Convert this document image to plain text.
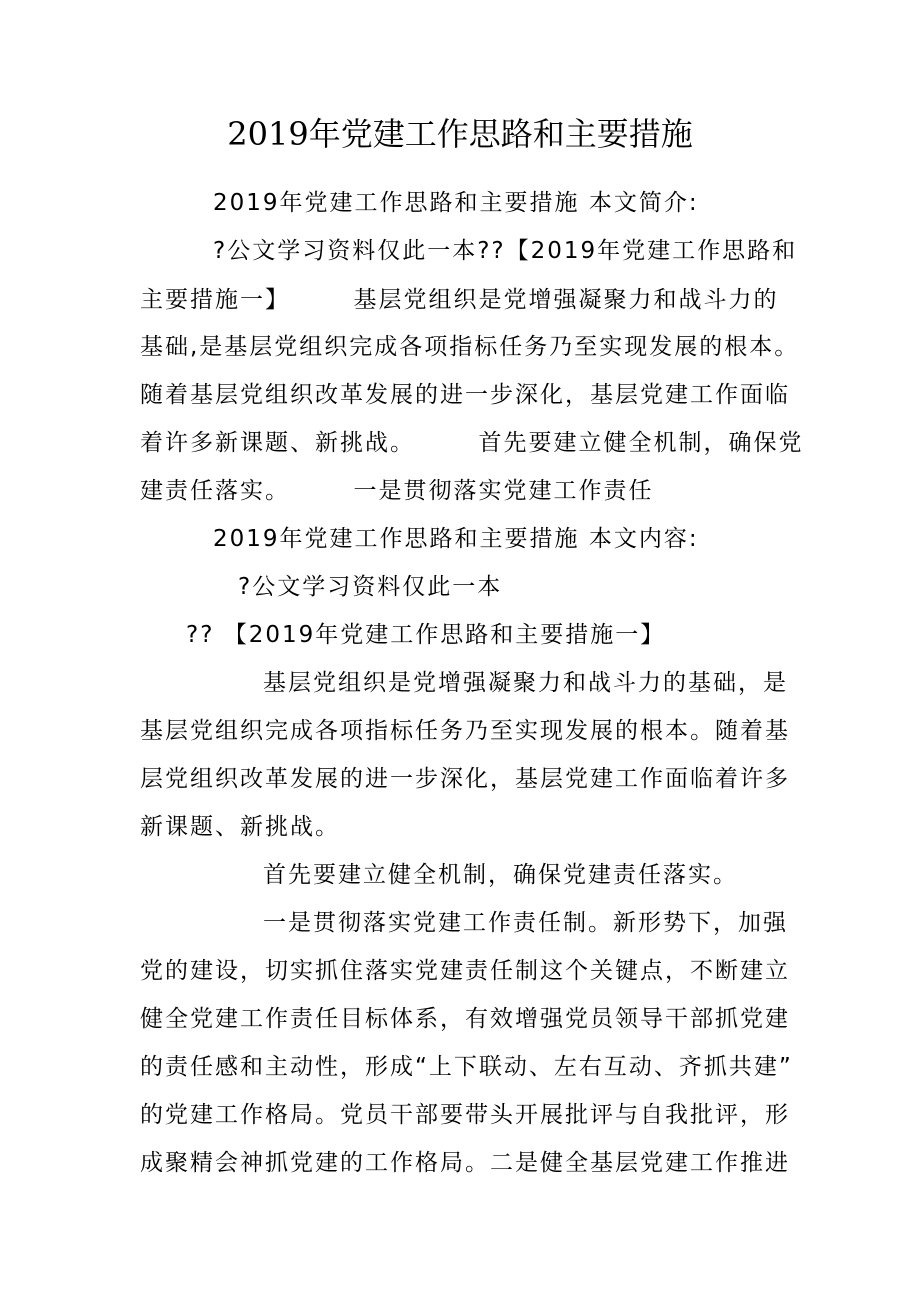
2019年党建工作思路和主要措施
2019年党建工作思路和主要措施 本文简介:
?公文学习资料仅此一本??【2019年党建工作思路和
主要措施一】　　　基层党组织是党增强凝聚力和战斗力的
基础,是基层党组织完成各项指标任务乃至实现发展的根本。
随着基层党组织改革发展的进一步深化，基层党建工作面临
着许多新课题、新挑战。　　　首先要建立健全机制，确保党
建责任落实。　　　一是贯彻落实党建工作责任
2019年党建工作思路和主要措施 本文内容:
?公文学习资料仅此一本
?? 【2019年党建工作思路和主要措施一】
基层党组织是党增强凝聚力和战斗力的基础，是
基层党组织完成各项指标任务乃至实现发展的根本。随着基
层党组织改革发展的进一步深化，基层党建工作面临着许多
新课题、新挑战。
首先要建立健全机制，确保党建责任落实。
一是贯彻落实党建工作责任制。新形势下，加强
党的建设，切实抓住落实党建责任制这个关键点，不断建立
健全党建工作责任目标体系，有效增强党员领导干部抓党建
的责任感和主动性，形成“上下联动、左右互动、齐抓共建”
的党建工作格局。党员干部要带头开展批评与自我批评，形
成聚精会神抓党建的工作格局。二是健全基层党建工作推进
